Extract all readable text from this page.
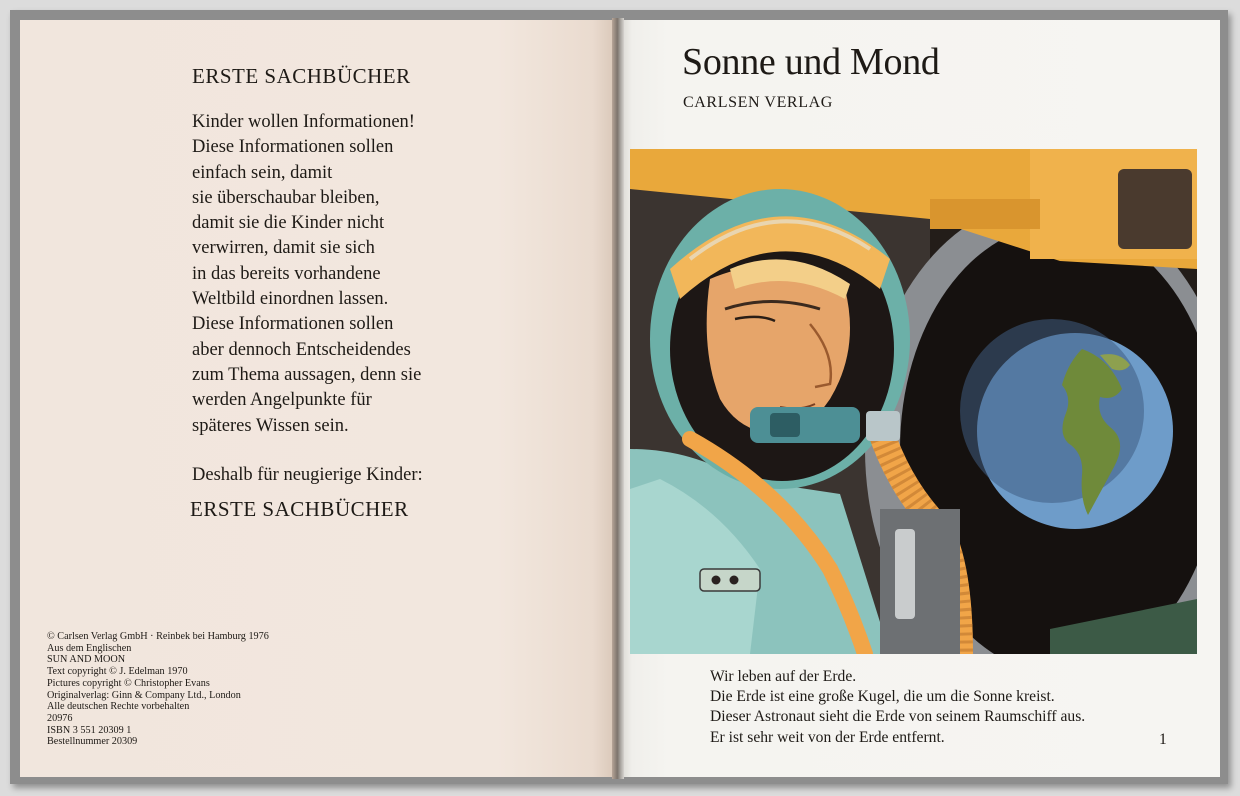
ERSTE SACHBÜCHER
Kinder wollen Informationen!
Diese Informationen sollen
einfach sein, damit
sie überschaubar bleiben,
damit sie die Kinder nicht
verwirren, damit sie sich
in das bereits vorhandene
Weltbild einordnen lassen.
Diese Informationen sollen
aber dennoch Entscheidendes
zum Thema aussagen, denn sie
werden Angelpunkte für
späteres Wissen sein.
Deshalb für neugierige Kinder:
ERSTE SACHBÜCHER
© Carlsen Verlag GmbH · Reinbek bei Hamburg 1976
Aus dem Englischen
SUN AND MOON
Text copyright © J. Edelman 1970
Pictures copyright © Christopher Evans
Originalverlag: Ginn & Company Ltd., London
Alle deutschen Rechte vorbehalten
20976
ISBN 3 551 20309 1
Bestellnummer 20309
Sonne und Mond
CARLSEN VERLAG
Wir leben auf der Erde.
Die Erde ist eine große Kugel, die um die Sonne kreist.
Dieser Astronaut sieht die Erde von seinem Raumschiff aus.
Er ist sehr weit von der Erde entfernt.	1
